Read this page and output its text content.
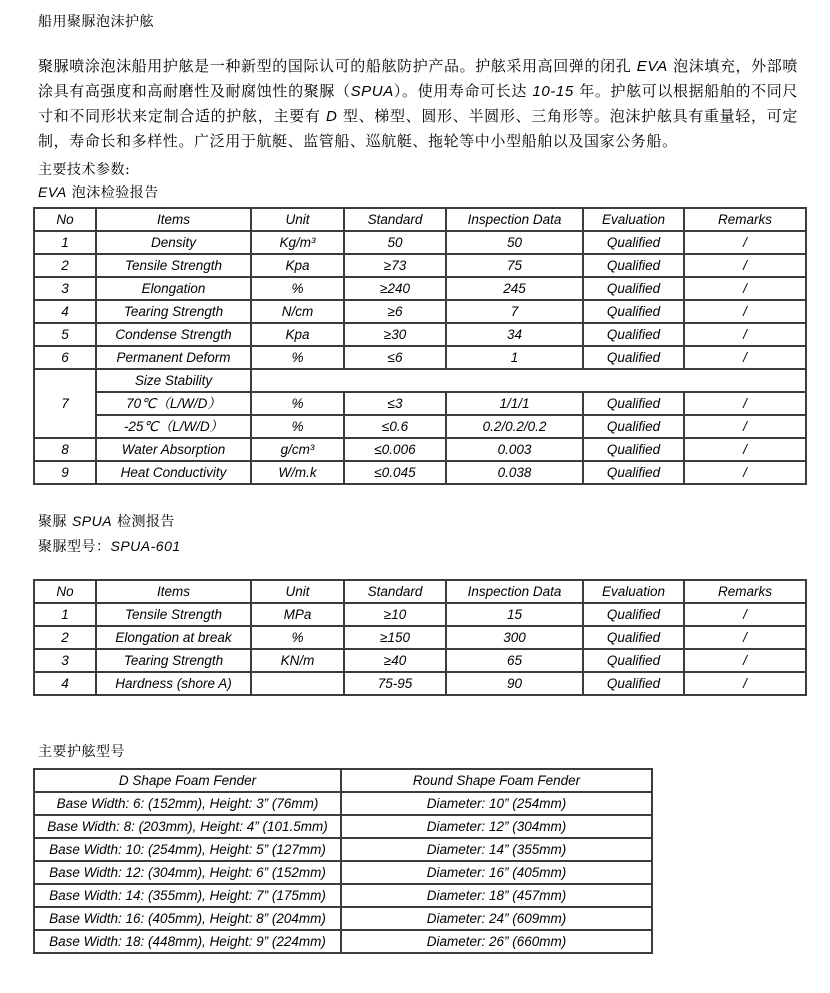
船用聚脲泡沫护舷

聚脲喷涂泡沫船用护舷是一种新型的国际认可的船舷防护产品。护舷采用高回弹的闭孔 EVA 泡沫填充，外部喷涂具有高强度和高耐磨性及耐腐蚀性的聚脲（SPUA）。使用寿命可长达 10-15 年。护舷可以根据船舶的不同尺寸和不同形状来定制合适的护舷，主要有 D 型、梯型、圆形、半圆形、三角形等。泡沫护舷具有重量轻，可定制，寿命长和多样性。广泛用于航艇、监管船、巡航艇、拖轮等中小型船舶以及国家公务船。

主要技术参数:
EVA 泡沫检验报告
No	Items	Unit	Standard	Inspection Data	Evaluation	Remarks
1	Density	Kg/m³	50	50	Qualified	/
2	Tensile Strength	Kpa	≥73	75	Qualified	/
3	Elongation	%	≥240	245	Qualified	/
4	Tearing Strength	N/cm	≥6	7	Qualified	/
5	Condense Strength	Kpa	≥30	34	Qualified	/
6	Permanent Deform	%	≤6	1	Qualified	/
7	Size Stability					
	70℃（L/W/D）	%	≤3	1/1/1	Qualified	/
	-25℃（L/W/D）	%	≤0.6	0.2/0.2/0.2	Qualified	/
8	Water Absorption	g/cm³	≤0.006	0.003	Qualified	/
9	Heat Conductivity	W/m.k	≤0.045	0.038	Qualified	/
聚脲 SPUA 检测报告
聚脲型号：SPUA-601
No	Items	Unit	Standard	Inspection Data	Evaluation	Remarks
1	Tensile Strength	MPa	≥10	15	Qualified	/
2	Elongation at break	%	≥150	300	Qualified	/
3	Tearing Strength	KN/m	≥40	65	Qualified	/
4	Hardness (shore A)		75-95	90	Qualified	/
主要护舷型号
D Shape Foam Fender	Round Shape Foam Fender
Base Width: 6: (152mm), Height: 3” (76mm)	Diameter: 10” (254mm)
Base Width: 8: (203mm), Height: 4” (101.5mm)	Diameter: 12” (304mm)
Base Width: 10: (254mm), Height: 5” (127mm)	Diameter: 14” (355mm)
Base Width: 12: (304mm), Height: 6” (152mm)	Diameter: 16” (405mm)
Base Width: 14: (355mm), Height: 7” (175mm)	Diameter: 18” (457mm)
Base Width: 16: (405mm), Height: 8” (204mm)	Diameter: 24” (609mm)
Base Width: 18: (448mm), Height: 9” (224mm)	Diameter: 26” (660mm)
